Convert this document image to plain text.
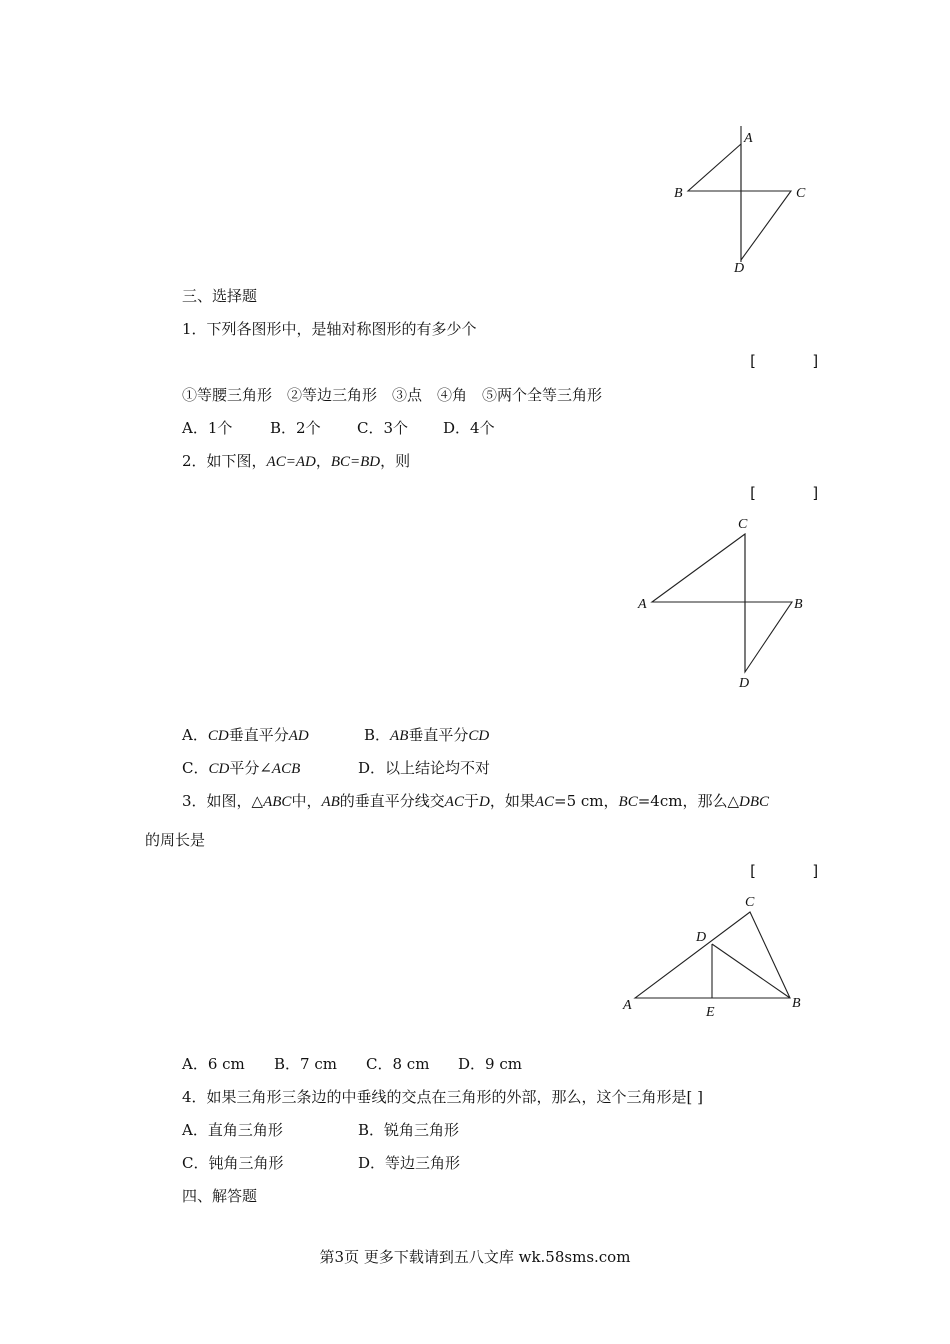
A
B	C
D
三、选择题
1．下列各图形中，是轴对称图形的有多少个
[      ]
①等腰三角形　②等边三角形　③点　④角　⑤两个全等三角形
A．1个	B．2个 C．3个 D．4个
2．如下图，AC=AD，BC=BD，则
[      ]
C
A	B
D
A．CD垂直平分AD	B．AB垂直平分CD
C．CD平分∠ACB	D．以上结论均不对
3．如图，△ABC中，AB的垂直平分线交AC于D，如果AC=5 cm，BC=4cm，那么△DBC
的周长是
[      ]
C
D
A	B
E
A．6 cm B．7 cm C．8 cm D．9 cm
4．如果三角形三条边的中垂线的交点在三角形的外部，那么，这个三角形是[ ]
A．直角三角形	B．锐角三角形
C．钝角三角形	D．等边三角形
四、解答题
第3页 更多下载请到五八文库 wk.58sms.com
